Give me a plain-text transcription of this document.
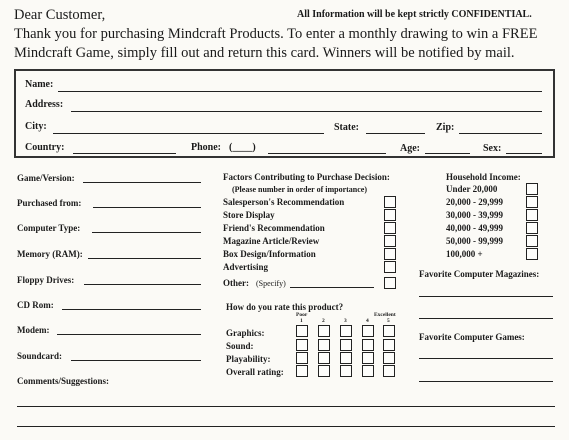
Dear Customer,	All Information will be kept strictly CONFIDENTIAL.
Thank you for purchasing Mindcraft Products. To enter a monthly drawing to win a FREE
Mindcraft Game, simply fill out and return this card. Winners will be notified by mail.
Name:
Address:
City:	State:	Zip:
Country:	Phone: (____)	Age:	Sex:
Game/Version:
Purchased from:
Computer Type:
Memory (RAM):
Floppy Drives:
CD Rom:
Modem:
Soundcard:
Comments/Suggestions:
Factors Contributing to Purchase Decision:
(Please number in order of importance)
Salesperson's Recommendation
Store Display
Friend's Recommendation
Magazine Article/Review
Box Design/Information
Advertising
Other: (Specify)
How do you rate this product?
Poor	Excellent
1	2	3	4	5
Graphics:
Sound:
Playability:
Overall rating:
Household Income:
Under 20,000
20,000 - 29,999
30,000 - 39,999
40,000 - 49,999
50,000 - 99,999
100,000 +
Favorite Computer Magazines:
Favorite Computer Games:
